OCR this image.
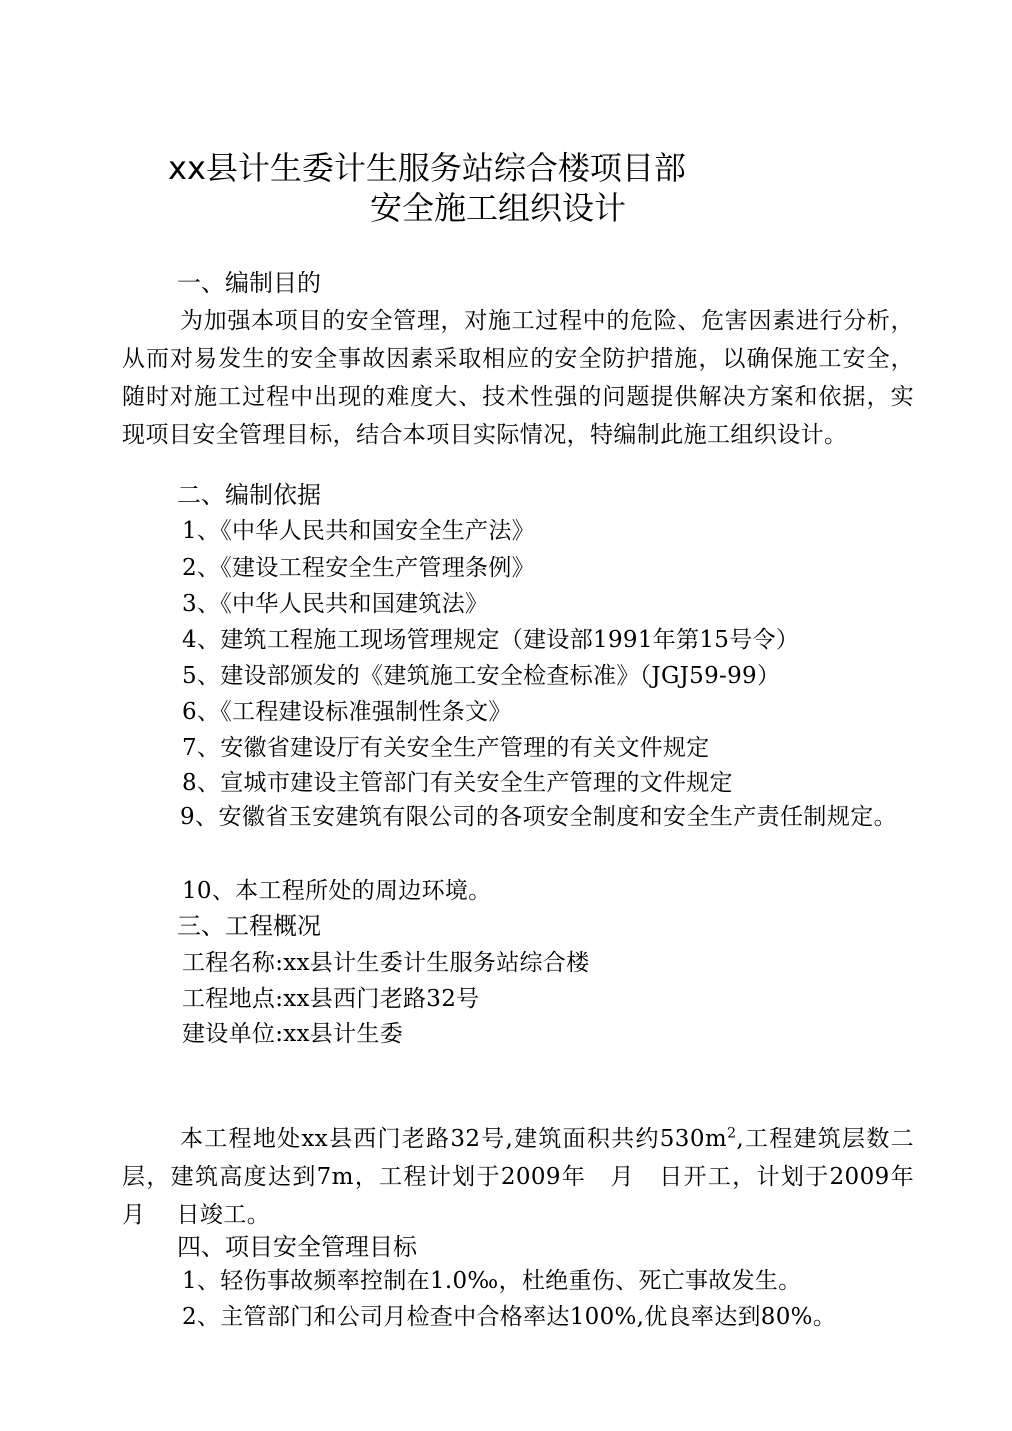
xx县计生委计生服务站综合楼项目部
安全施工组织设计
一、编制目的

为加强本项目的安全管理，对施工过程中的危险、危害因素进行分析，从而对易发生的安全事故因素采取相应的安全防护措施，以确保施工安全，随时对施工过程中出现的难度大、技术性强的问题提供解决方案和依据，实现项目安全管理目标，结合本项目实际情况，特编制此施工组织设计。

二、编制依据
1、《中华人民共和国安全生产法》
2、《建设工程安全生产管理条例》
3、《中华人民共和国建筑法》
4、建筑工程施工现场管理规定（建设部1991年第15号令）
5、建设部颁发的《建筑施工安全检查标准》（JGJ59-99）
6、《工程建设标准强制性条文》
7、安徽省建设厅有关安全生产管理的有关文件规定
8、宣城市建设主管部门有关安全生产管理的文件规定

9、安徽省玉安建筑有限公司的各项安全制度和安全生产责任制规定。

10、本工程所处的周边环境。
三、工程概况
工程名称:xx县计生委计生服务站综合楼
工程地点:xx县西门老路32号
建设单位:xx县计生委

本工程地处xx县西门老路32号,建筑面积共约$530m^2$,工程建筑层数二层，建筑高度达到7m，工程计划于2009年　月　日开工，计划于2009年　月　 日竣工。

四、项目安全管理目标
1、轻伤事故频率控制在1.0‰，杜绝重伤、死亡事故发生。
2、主管部门和公司月检查中合格率达100%,优良率达到80%。
